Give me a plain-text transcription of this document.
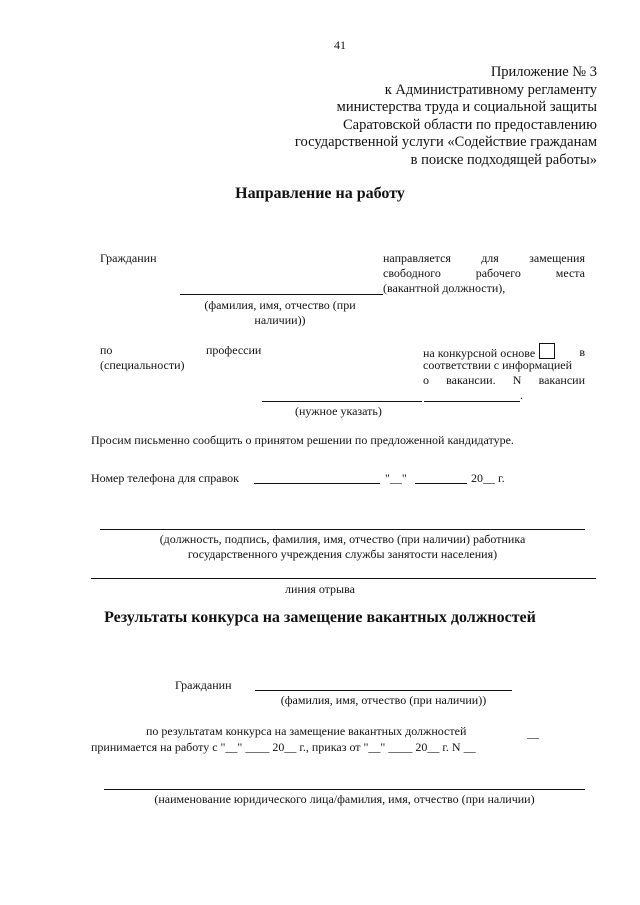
41
Приложение № 3
к Административному регламенту
министерства труда и социальной защиты
Саратовской области по предоставлению
государственной услуги «Содействие гражданам
в поиске подходящей работы»
Направление на работу
Гражданин	направляется	для	замещения
свободного	рабочего	места
(вакантной должности),
(фамилия, имя, отчество (при
наличии))
по	профессии
(специальности)
на конкурсной основе	в
соответствии с информацией
о вакансии. N вакансии
.
(нужное указать)
Просим письменно сообщить о принятом решении по предложенной кандидатуре.
Номер телефона для справок	"__"	20__ г.
(должность, подпись, фамилия, имя, отчество (при наличии) работника
государственного учреждения службы занятости населения)
линия отрыва
Результаты конкурса на замещение вакантных должностей
Гражданин
(фамилия, имя, отчество (при наличии))
по результатам конкурса на замещение вакантных должностей	__
принимается на работу с "__" ____ 20__ г., приказ от "__" ____ 20__ г. N __
(наименование юридического лица/фамилия, имя, отчество (при наличии)
